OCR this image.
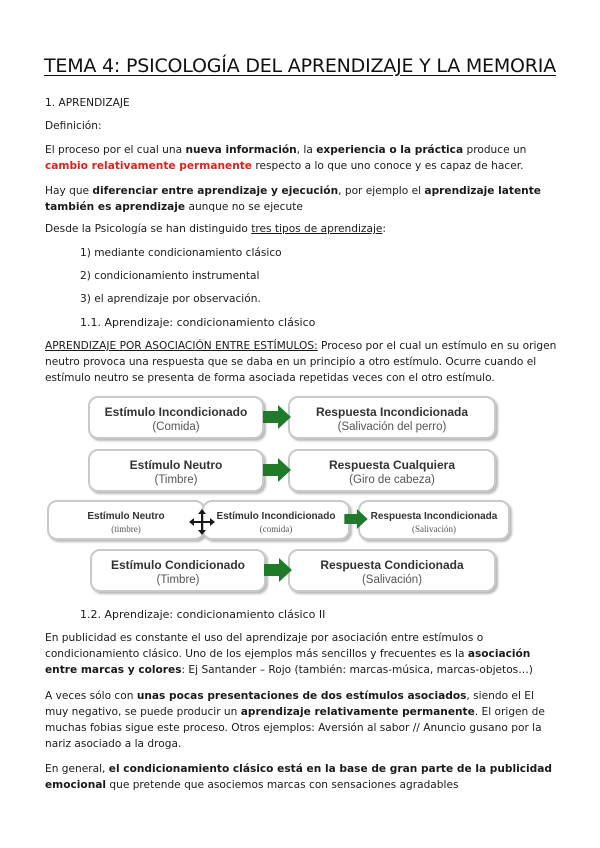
TEMA 4: PSICOLOGÍA DEL APRENDIZAJE Y LA MEMORIA
1. APRENDIZAJE
Definición:
El proceso por el cual una nueva información, la experiencia o la práctica produce un cambio relativamente permanente respecto a lo que uno conoce y es capaz de hacer.
Hay que diferenciar entre aprendizaje y ejecución, por ejemplo el aprendizaje latente también es aprendizaje aunque no se ejecute
Desde la Psicología se han distinguido tres tipos de aprendizaje:
1) mediante condicionamiento clásico
2) condicionamiento instrumental
3) el aprendizaje por observación.
1.1. Aprendizaje: condicionamiento clásico
APRENDIZAJE POR ASOCIACIÓN ENTRE ESTÍMULOS: Proceso por el cual un estímulo en su origen neutro provoca una respuesta que se daba en un principio a otro estímulo. Ocurre cuando el estímulo neutro se presenta de forma asociada repetidas veces con el otro estímulo.
Estímulo Incondicionado
(Comida)
Respuesta Incondicionada
(Salivación del perro)
Estímulo Neutro
(Timbre)
Respuesta Cualquiera
(Giro de cabeza)
Estímulo Neutro
(timbre)
Estímulo Incondicionado
(comida)
Respuesta Incondicionada
(Salivación)
Estímulo Condicionado
(Timbre)
Respuesta Condicionada
(Salivación)
1.2. Aprendizaje: condicionamiento clásico II
En publicidad es constante el uso del aprendizaje por asociación entre estímulos o condicionamiento clásico. Uno de los ejemplos más sencillos y frecuentes es la asociación entre marcas y colores: Ej Santander – Rojo (también: marcas-música, marcas-objetos…)
A veces sólo con unas pocas presentaciones de dos estímulos asociados, siendo el El muy negativo, se puede producir un aprendizaje relativamente permanente. El origen de muchas fobias sigue este proceso. Otros ejemplos: Aversión al sabor // Anuncio gusano por la nariz asociado a la droga.
En general, el condicionamiento clásico está en la base de gran parte de la publicidad emocional que pretende que asociemos marcas con sensaciones agradables
